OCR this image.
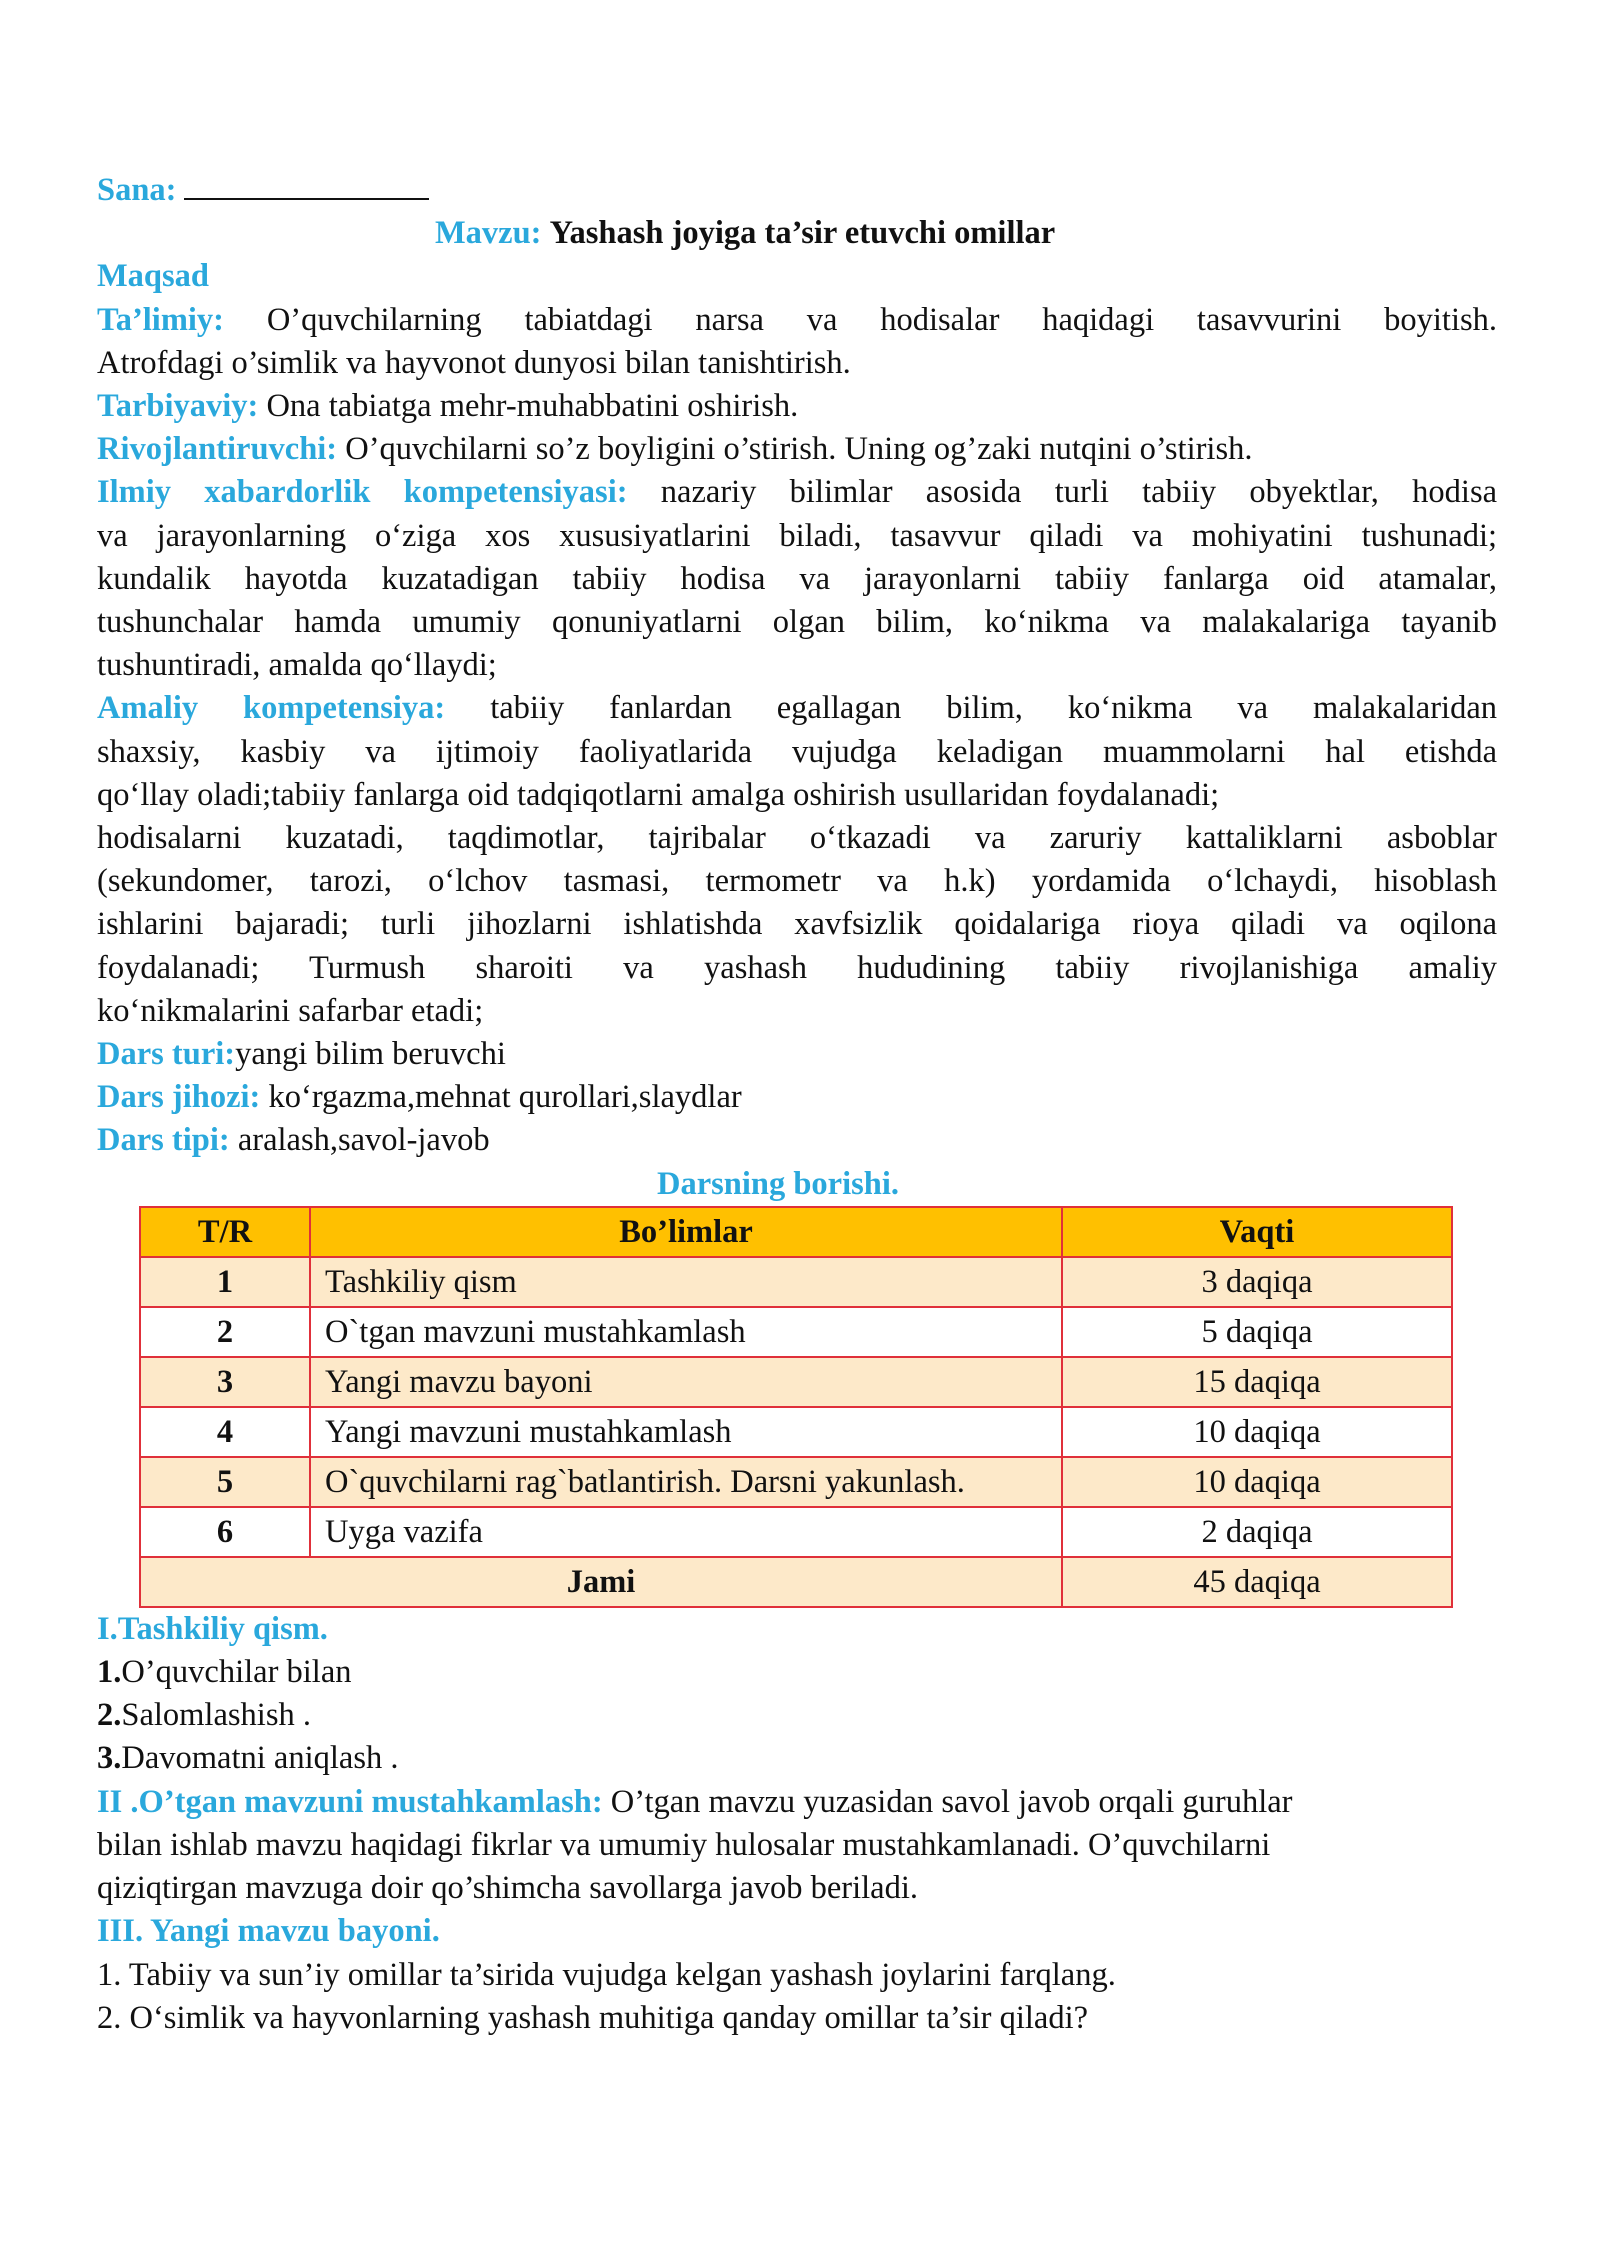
Sana:
Mavzu: Yashash joyiga ta’sir etuvchi omillar
Maqsad
Ta’limiy: O’quvchilarning tabiatdagi narsa va hodisalar haqidagi tasavvurini boyitish.
Atrofdagi o’simlik va hayvonot dunyosi bilan tanishtirish.
Tarbiyaviy: Ona tabiatga mehr-muhabbatini oshirish.
Rivojlantiruvchi: O’quvchilarni so’z boyligini o’stirish. Uning og’zaki nutqini o’stirish.
Ilmiy xabardorlik kompetensiyasi: nazariy bilimlar asosida turli tabiiy obyektlar, hodisa
va jarayonlarning o‘ziga xos xususiyatlarini biladi, tasavvur qiladi va mohiyatini tushunadi;
kundalik hayotda kuzatadigan tabiiy hodisa va jarayonlarni tabiiy fanlarga oid atamalar,
tushunchalar hamda umumiy qonuniyatlarni olgan bilim, ko‘nikma va malakalariga tayanib
tushuntiradi, amalda qo‘llaydi;
Amaliy kompetensiya: tabiiy fanlardan egallagan bilim, ko‘nikma va malakalaridan
shaxsiy, kasbiy va ijtimoiy faoliyatlarida vujudga keladigan muammolarni hal etishda
qo‘llay oladi;tabiiy fanlarga oid tadqiqotlarni amalga oshirish usullaridan foydalanadi;
hodisalarni kuzatadi, taqdimotlar, tajribalar o‘tkazadi va zaruriy kattaliklarni asboblar
(sekundomer, tarozi, o‘lchov tasmasi, termometr va h.k) yordamida o‘lchaydi, hisoblash
ishlarini bajaradi; turli jihozlarni ishlatishda xavfsizlik qoidalariga rioya qiladi va oqilona
foydalanadi; Turmush sharoiti va yashash hududining tabiiy rivojlanishiga amaliy
ko‘nikmalarini safarbar etadi;
Dars turi:yangi bilim beruvchi
Dars jihozi: ko‘rgazma,mehnat qurollari,slaydlar
Dars tipi: aralash,savol-javob
Darsning borishi.
T/R	Bo’limlar	Vaqti
1	Tashkiliy qism	3 daqiqa
2	O`tgan mavzuni mustahkamlash	5 daqiqa
3	Yangi mavzu bayoni	15 daqiqa
4	Yangi mavzuni mustahkamlash	10 daqiqa
5	O`quvchilarni rag`batlantirish. Darsni yakunlash.	10 daqiqa
6	Uyga vazifa	2 daqiqa
Jami		45 daqiqa
I.Tashkiliy qism.
1.O’quvchilar bilan
2.Salomlashish .
3.Davomatni aniqlash .
II .O’tgan mavzuni mustahkamlash: O’tgan mavzu yuzasidan savol javob orqali guruhlar
bilan ishlab mavzu haqidagi fikrlar va umumiy hulosalar mustahkamlanadi. O’quvchilarni
qiziqtirgan mavzuga doir qo’shimcha savollarga javob beriladi.
III. Yangi mavzu bayoni.
1. Tabiiy va sun’iy omillar ta’sirida vujudga kelgan yashash joylarini farqlang.
2. O‘simlik va hayvonlarning yashash muhitiga qanday omillar ta’sir qiladi?
